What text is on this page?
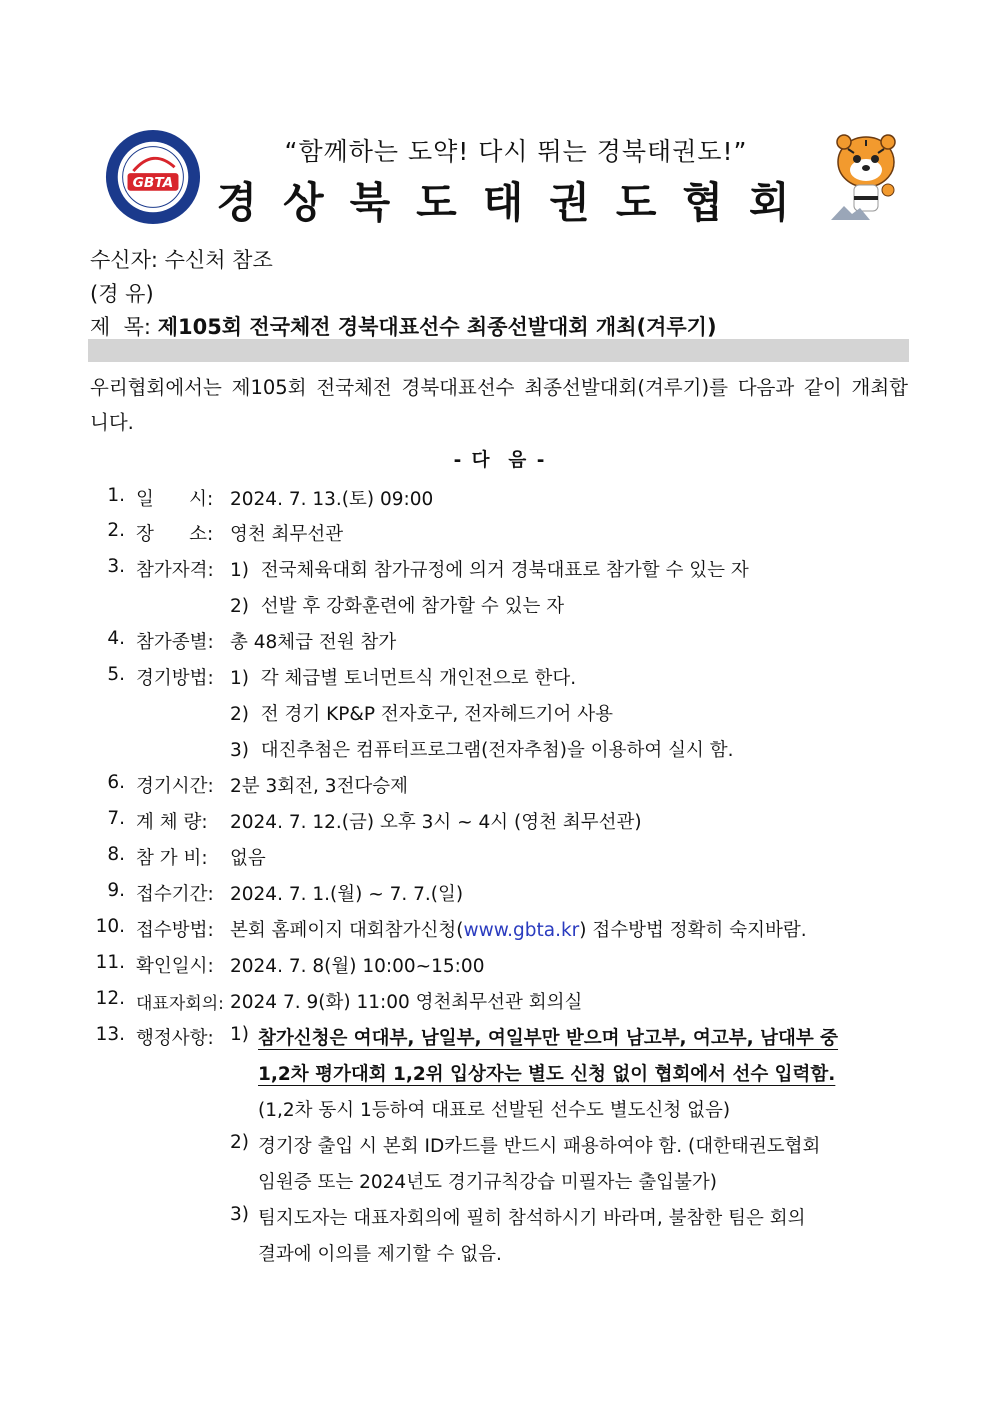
GBTA
“함께하는 도약! 다시 뛰는 경북태권도!”
경상북도태권도협회
수신자: 수신처 참조
(경 유)
제  목: 제105회 전국체전 경북대표선수 최종선발대회 개최(겨루기)
우리협회에서는 제105회 전국체전 경북대표선수 최종선발대회(겨루기)를 다음과 같이 개최합니다.
- 다  음 -
1. 일      시: 2024. 7. 13.(토) 09:00
2. 장      소: 영천 최무선관
3. 참가자격: 1)  전국체육대회 참가규정에 의거 경북대표로 참가할 수 있는 자
2)  선발 후 강화훈련에 참가할 수 있는 자
4. 참가종별: 총 48체급 전원 참가
5. 경기방법: 1)  각 체급별 토너먼트식 개인전으로 한다.
2)  전 경기 KP&P 전자호구, 전자헤드기어 사용
3)  대진추첨은 컴퓨터프로그램(전자추첨)을 이용하여 실시 함.
6. 경기시간: 2분 3회전, 3전다승제
7. 계 체 량: 2024. 7. 12.(금) 오후 3시 ~ 4시 (영천 최무선관)
8. 참 가 비: 없음
9. 접수기간: 2024. 7. 1.(월) ~ 7. 7.(일)
10. 접수방법: 본회 홈페이지 대회참가신청(www.gbta.kr) 접수방법 정확히 숙지바람.
11. 확인일시: 2024. 7. 8(월) 10:00~15:00
12. 대표자회의: 2024 7. 9(화) 11:00 영천최무선관 회의실
13. 행정사항: 1) 참가신청은 여대부, 남일부, 여일부만 받으며 남고부, 여고부, 남대부 중
1,2차 평가대회 1,2위 입상자는 별도 신청 없이 협회에서 선수 입력함.
(1,2차 동시 1등하여 대표로 선발된 선수도 별도신청 없음)
2) 경기장 출입 시 본회 ID카드를 반드시 패용하여야 함. (대한태권도협회
임원증 또는 2024년도 경기규칙강습 미필자는 출입불가)
3) 팀지도자는 대표자회의에 필히 참석하시기 바라며, 불참한 팀은 회의
결과에 이의를 제기할 수 없음.
